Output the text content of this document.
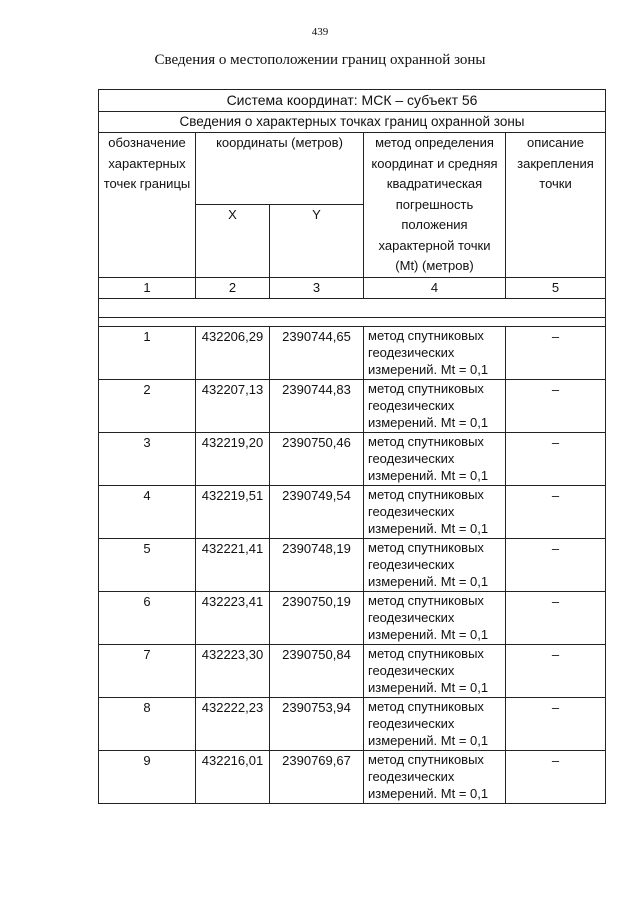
439
Сведения о местоположении границ охранной зоны
Система координат: МСК – субъект 56				
Сведения о характерных точках границ охранной зоны				
обозначение характерных точек границы	координаты (метров)		метод определения координат и средняя квадратическая погрешность положения характерной точки (Mt) (метров)	описание закрепления точки
	X	Y		
1	2	3	4	5

1	432206,29	2390744,65	метод спутниковых
геодезических
измерений. Mt = 0,1	–
2	432207,13	2390744,83	метод спутниковых
геодезических
измерений. Mt = 0,1	–
3	432219,20	2390750,46	метод спутниковых
геодезических
измерений. Mt = 0,1	–
4	432219,51	2390749,54	метод спутниковых
геодезических
измерений. Mt = 0,1	–
5	432221,41	2390748,19	метод спутниковых
геодезических
измерений. Mt = 0,1	–
6	432223,41	2390750,19	метод спутниковых
геодезических
измерений. Mt = 0,1	–
7	432223,30	2390750,84	метод спутниковых
геодезических
измерений. Mt = 0,1	–
8	432222,23	2390753,94	метод спутниковых
геодезических
измерений. Mt = 0,1	–
9	432216,01	2390769,67	метод спутниковых
геодезических
измерений. Mt = 0,1	–
